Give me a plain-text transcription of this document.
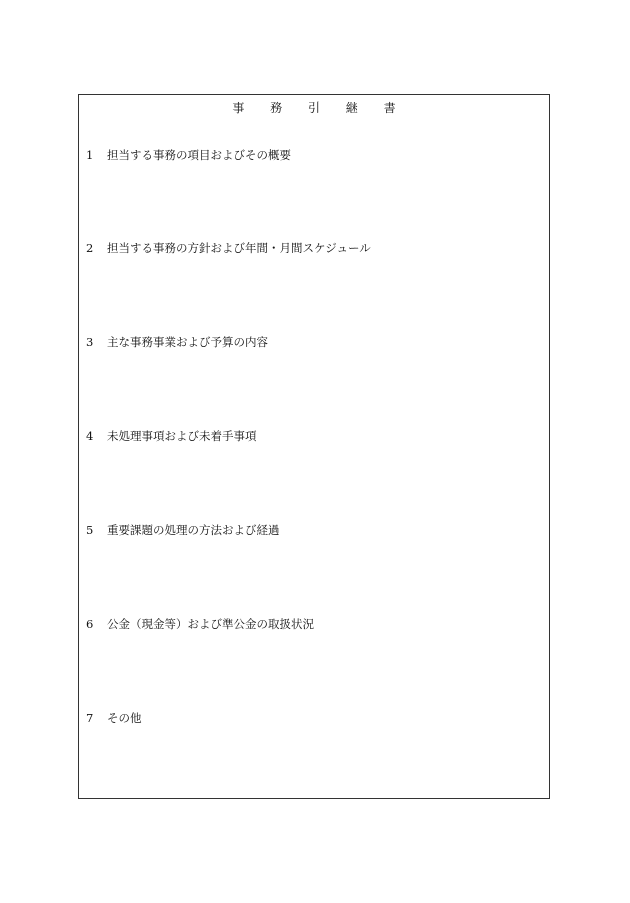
事 務 引 継 書
1 担当する事務の項目およびその概要
2 担当する事務の方針および年間・月間スケジュール
3 主な事務事業および予算の内容
4 未処理事項および未着手事項
5 重要課題の処理の方法および経過
6 公金（現金等）および準公金の取扱状況
7 その他
